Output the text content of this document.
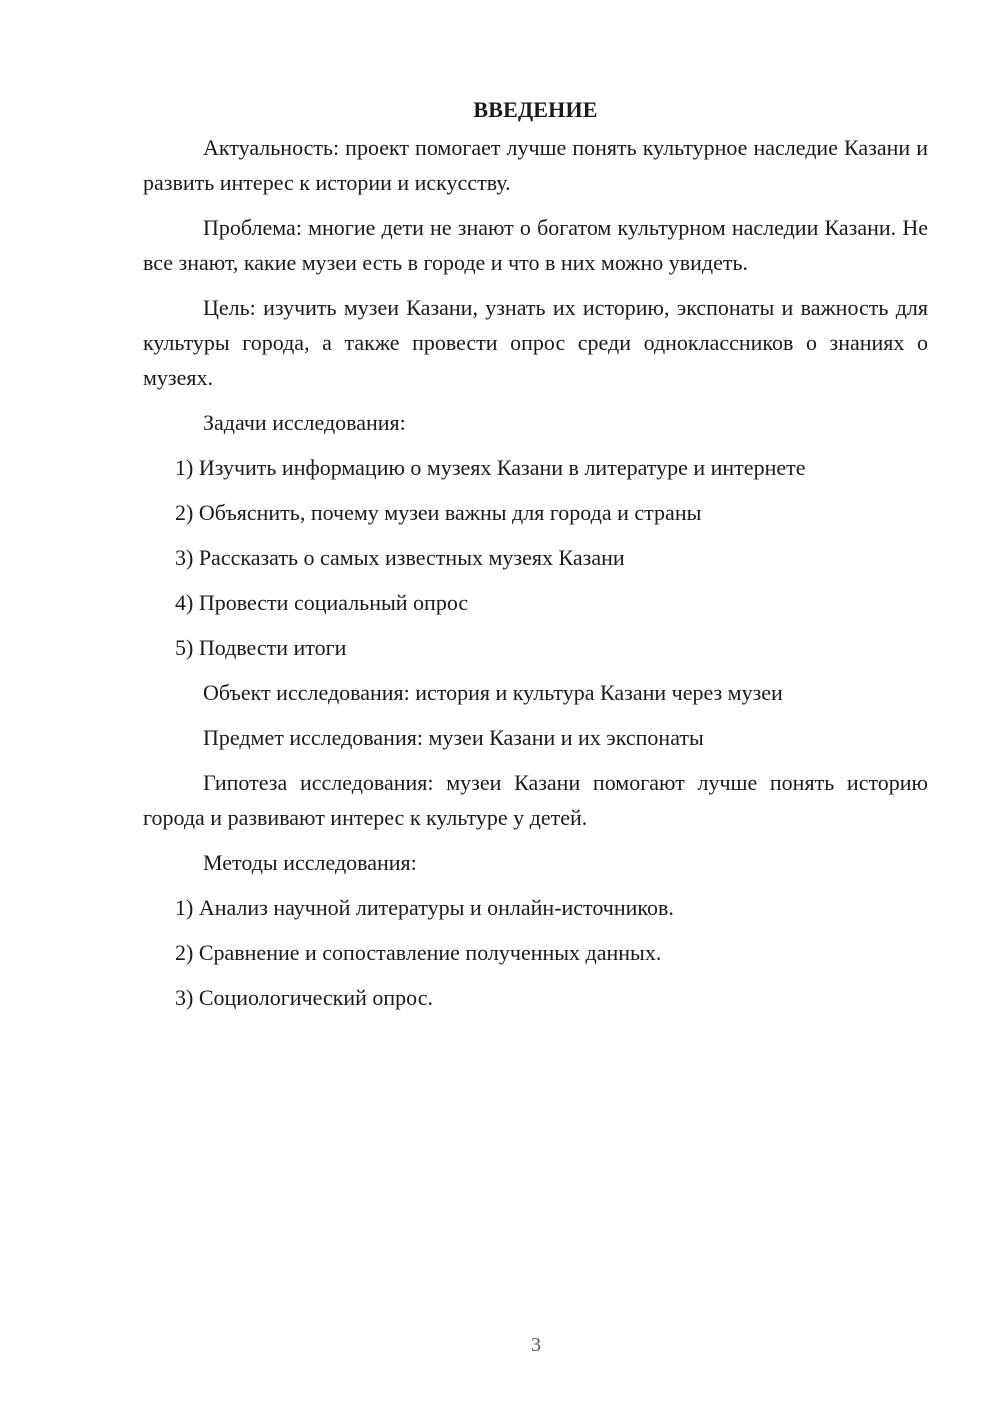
ВВЕДЕНИЕ

Актуальность: проект помогает лучше понять культурное наследие Казани и развить интерес к истории и искусству.

Проблема: многие дети не знают о богатом культурном наследии Казани. Не все знают, какие музеи есть в городе и что в них можно увидеть.

Цель: изучить музеи Казани, узнать их историю, экспонаты и важность для культуры города, а также провести опрос среди одноклассников о знаниях о музеях.

Задачи исследования:

1) Изучить информацию о музеях Казани в литературе и интернете

2) Объяснить, почему музеи важны для города и страны

3) Рассказать о самых известных музеях Казани

4) Провести социальный опрос

5) Подвести итоги

Объект исследования: история и культура Казани через музеи

Предмет исследования: музеи Казани и их экспонаты

Гипотеза исследования: музеи Казани помогают лучше понять историю города и развивают интерес к культуре у детей.

Методы исследования:

1) Анализ научной литературы и онлайн-источников.

2) Сравнение и сопоставление полученных данных.

3) Социологический опрос.

3
